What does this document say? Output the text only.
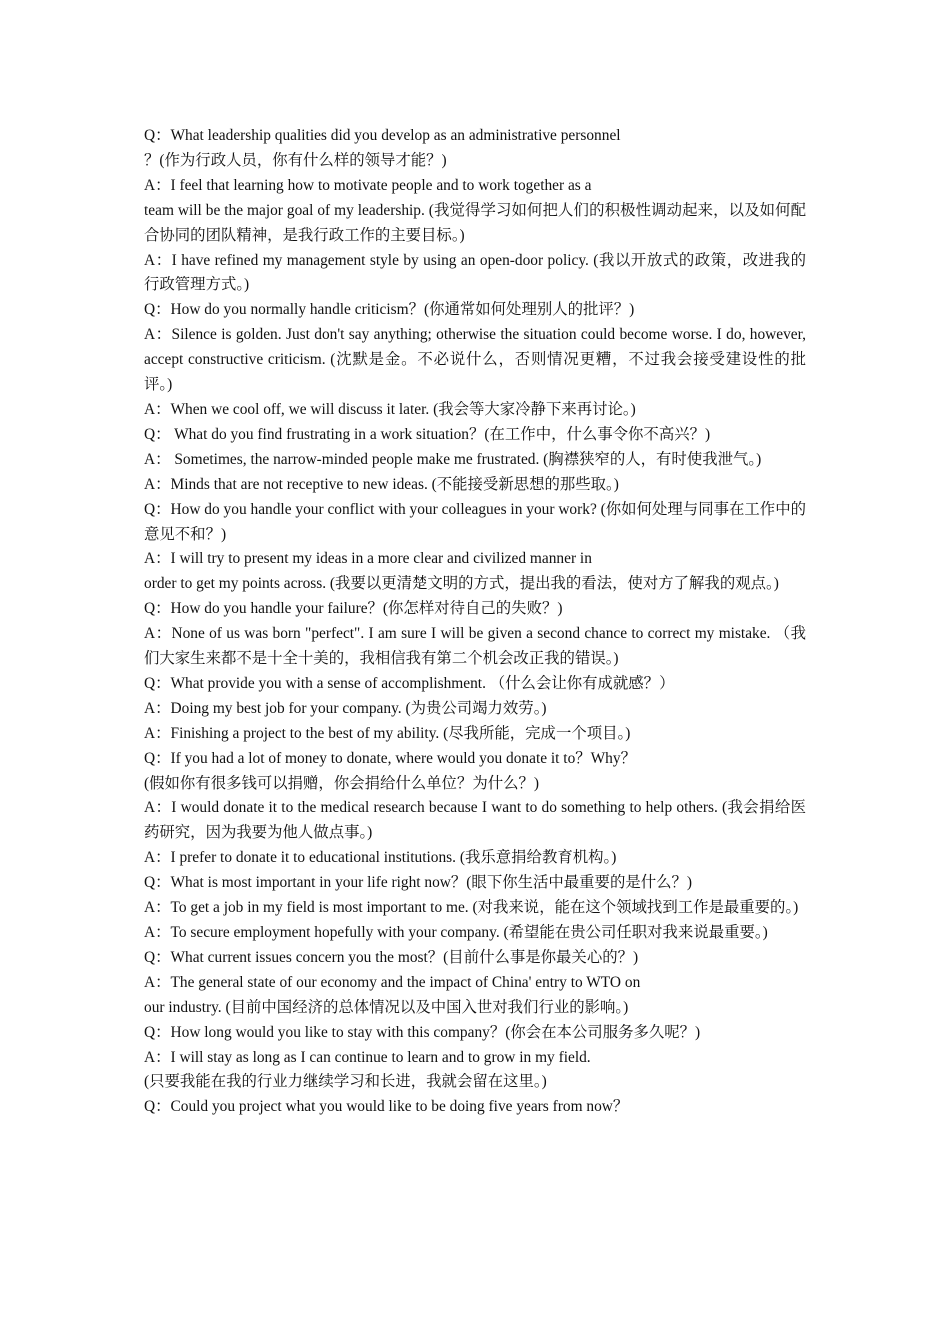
Q：What leadership qualities did you develop as an administrative personnel

？(作为行政人员，你有什么样的领导才能？)

A：I feel that learning how to motivate people and to work together as a

team will be the major goal of my leadership. (我觉得学习如何把人们的积极性调动起来，以及如何配合协同的团队精神，是我行政工作的主要目标。)

A：I have refined my management style by using an open-door policy. (我以开放式的政策，改进我的行政管理方式。)

Q：How do you normally handle criticism？(你通常如何处理别人的批评？)

A：Silence is golden. Just don't say anything; otherwise the situation could become worse. I do, however, accept constructive criticism. (沈默是金。不必说什么，否则情况更糟，不过我会接受建设性的批评。)

A：When we cool off, we will discuss it later. (我会等大家冷静下来再讨论。)

Q： What do you find frustrating in a work situation？(在工作中，什么事令你不高兴？)

A： Sometimes, the narrow-minded people make me frustrated. (胸襟狭窄的人，有时使我泄气。)

A：Minds that are not receptive to new ideas. (不能接受新思想的那些取。)

Q：How do you handle your conflict with your colleagues in your work? (你如何处理与同事在工作中的意见不和？)

A：I will try to present my ideas in a more clear and civilized manner in

order to get my points across. (我要以更清楚文明的方式，提出我的看法，使对方了解我的观点。)

Q：How do you handle your failure？(你怎样对待自己的失败？)

A：None of us was born "perfect". I am sure I will be given a second chance to correct my mistake. （我们大家生来都不是十全十美的，我相信我有第二个机会改正我的错误。)

Q：What provide you with a sense of accomplishment. （什么会让你有成就感？）

A：Doing my best job for your company. (为贵公司竭力效劳。)

A：Finishing a project to the best of my ability. (尽我所能，完成一个项目。)

Q：If you had a lot of money to donate, where would you donate it to？Why？

(假如你有很多钱可以捐赠，你会捐给什么单位？为什么？)

A：I would donate it to the medical research because I want to do something to help others. (我会捐给医药研究，因为我要为他人做点事。)

A：I prefer to donate it to educational institutions. (我乐意捐给教育机构。)

Q：What is most important in your life right now？(眼下你生活中最重要的是什么？)

A：To get a job in my field is most important to me. (对我来说，能在这个领域找到工作是最重要的。)

A：To secure employment hopefully with your company. (希望能在贵公司任职对我来说最重要。)

Q：What current issues concern you the most？(目前什么事是你最关心的？)

A：The general state of our economy and the impact of China' entry to WTO on

our industry. (目前中国经济的总体情况以及中国入世对我们行业的影响。)

Q：How long would you like to stay with this company？(你会在本公司服务多久呢？)

A：I will stay as long as I can continue to learn and to grow in my field.

(只要我能在我的行业力继续学习和长进，我就会留在这里。)

Q：Could you project what you would like to be doing five years from now？
